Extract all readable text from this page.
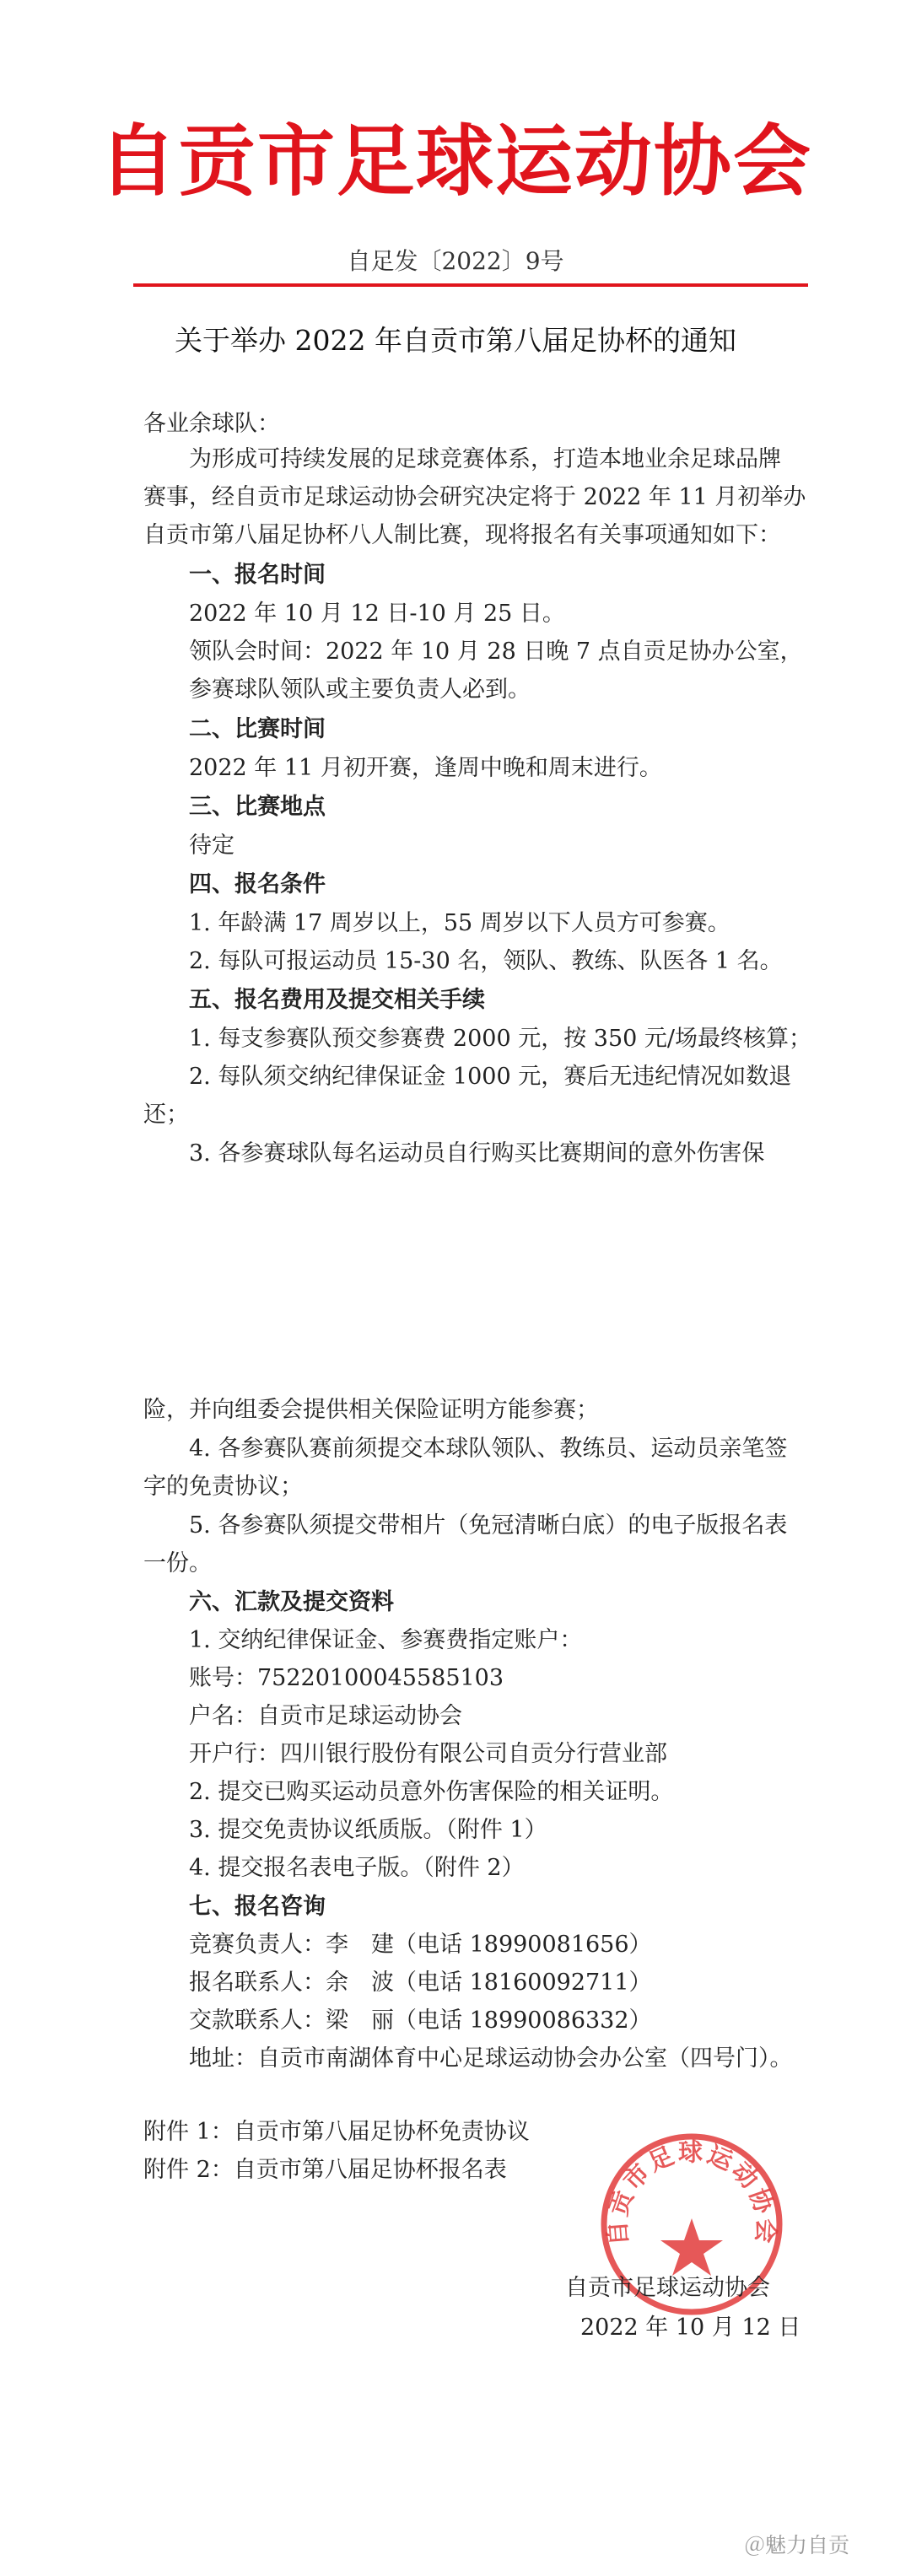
自贡市足球运动协会
自足发〔2022〕9号
关于举办 2022 年自贡市第八届足协杯的通知
各业余球队：
为形成可持续发展的足球竞赛体系，打造本地业余足球品牌
赛事，经自贡市足球运动协会研究决定将于 2022 年 11 月初举办
自贡市第八届足协杯八人制比赛，现将报名有关事项通知如下：
一、报名时间
2022 年 10 月 12 日-10 月 25 日。
领队会时间：2022 年 10 月 28 日晚 7 点自贡足协办公室，
参赛球队领队或主要负责人必到。
二、比赛时间
2022 年 11 月初开赛，逢周中晚和周末进行。
三、比赛地点
待定
四、报名条件
1. 年龄满 17 周岁以上，55 周岁以下人员方可参赛。
2. 每队可报运动员 15-30 名，领队、教练、队医各 1 名。
五、报名费用及提交相关手续
1. 每支参赛队预交参赛费 2000 元，按 350 元/场最终核算；
2. 每队须交纳纪律保证金 1000 元，赛后无违纪情况如数退
还；
3. 各参赛球队每名运动员自行购买比赛期间的意外伤害保
险，并向组委会提供相关保险证明方能参赛；
4. 各参赛队赛前须提交本球队领队、教练员、运动员亲笔签
字的免责协议；
5. 各参赛队须提交带相片（免冠清晰白底）的电子版报名表
一份。
六、汇款及提交资料
1. 交纳纪律保证金、参赛费指定账户：
账号：75220100045585103
户名：自贡市足球运动协会
开户行：四川银行股份有限公司自贡分行营业部
2. 提交已购买运动员意外伤害保险的相关证明。
3. 提交免责协议纸质版。（附件 1）
4. 提交报名表电子版。（附件 2）
七、报名咨询
竞赛负责人：李　建（电话 18990081656）
报名联系人：余　波（电话 18160092711）
交款联系人：梁　丽（电话 18990086332）
地址：自贡市南湖体育中心足球运动协会办公室（四号门）。
附件 1：自贡市第八届足协杯免责协议
附件 2：自贡市第八届足协杯报名表
自贡市足球运动协会
自贡市足球运动协会
2022 年 10 月 12 日
＠魅力自贡
